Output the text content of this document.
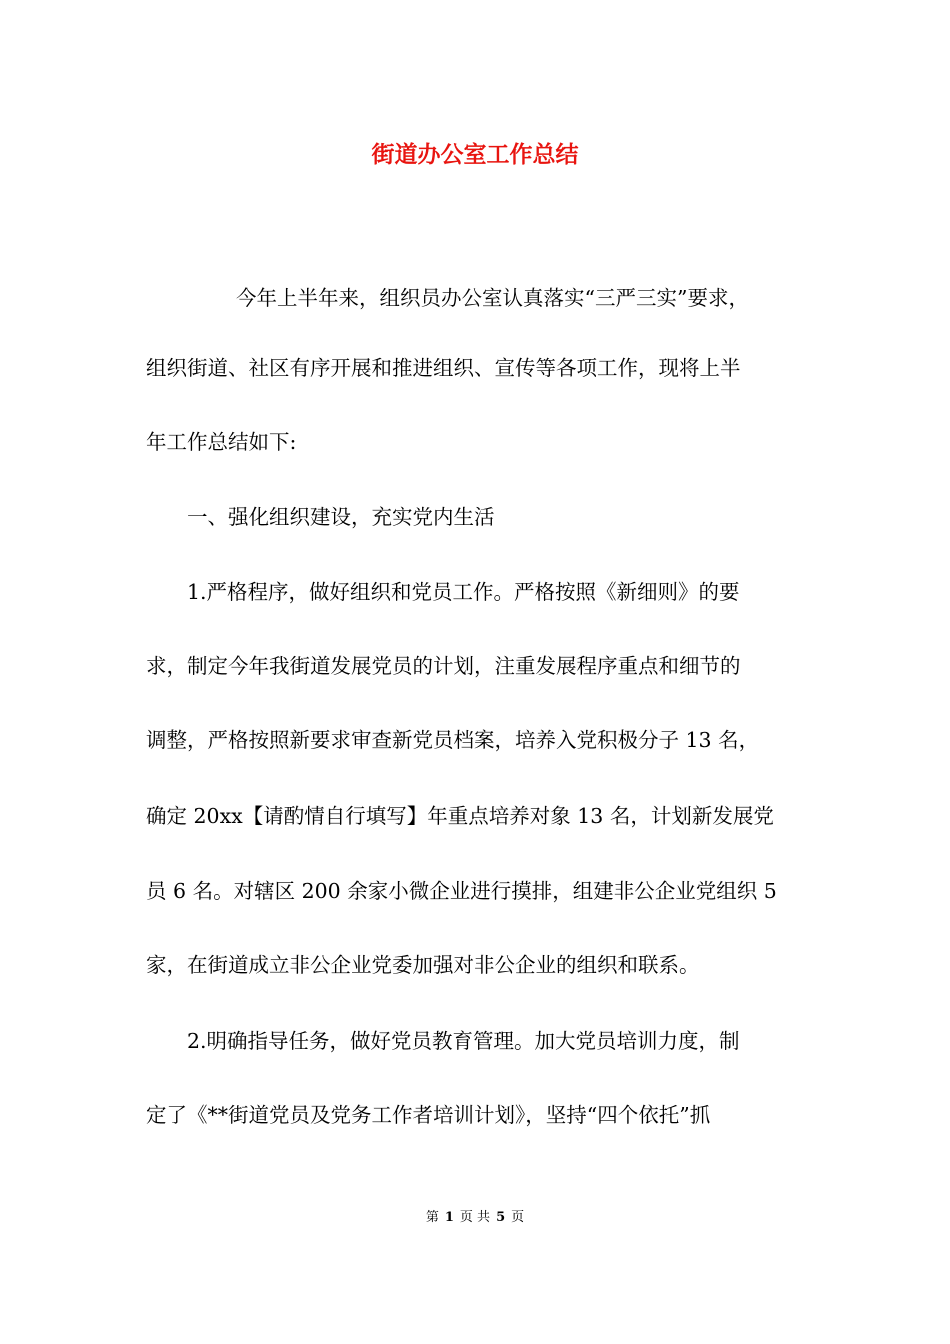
街道办公室工作总结
今年上半年来，组织员办公室认真落实“三严三实”要求，
组织街道、社区有序开展和推进组织、宣传等各项工作，现将上半
年工作总结如下:
一、强化组织建设，充实党内生活
1.严格程序，做好组织和党员工作。严格按照《新细则》的要
求，制定今年我街道发展党员的计划，注重发展程序重点和细节的
调整，严格按照新要求审查新党员档案，培养入党积极分子 13 名，
确定 20xx【请酌情自行填写】年重点培养对象 13 名，计划新发展党
员 6 名。对辖区 200 余家小微企业进行摸排，组建非公企业党组织 5
家，在街道成立非公企业党委加强对非公企业的组织和联系。
2.明确指导任务，做好党员教育管理。加大党员培训力度，制
定了《**街道党员及党务工作者培训计划》，坚持“四个依托”抓
第 1 页 共 5 页
